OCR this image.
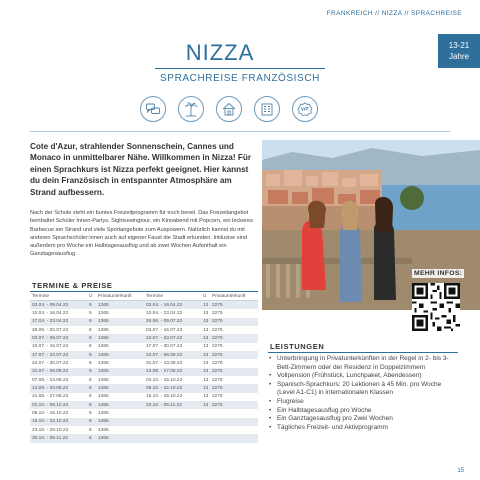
FRANKREICH // NIZZA // SPRACHREISE
13-21
Jahre
NIZZA
SPRACHREISE FRANZÖSISCH
Cote d'Azur, strahlender Sonnenschein, Cannes und Monaco in unmittelbarer Nähe. Willkommen in Nizza! Für einen Sprachkurs ist Nizza perfekt geeignet. Hier kannst du dein Französisch in entspannter Atmosphäre am Strand aufbessern.
Nach der Schule steht ein buntes Freizeitprogramm für euch bereit. Das Freizeitangebot beinhaltet Schüler Innen-Partys, Sightseeingtour, ein Kinoabend mit Popcorn, ein leckeres Barbecue am Strand und viele Sportangebote zum Auspowern. Natürlich kannst du mit anderen Sprachschüler:innen auch auf eigener Faust die Stadt erkunden. Inklusive sind außerdem pro Woche ein Halbtagesausflug und ab zwei Wochen Aufenthalt ein Ganztagesausflug.
MEHR INFOS:
TERMINE & PREISE
Termine	Ü	Privatunterkunft	Termine	Ü	Privatunterkunft
03.04. - 09.04.22	6	1365	03.04. - 16.04.22	13 2275
10.04. - 16.04.22	6	1365	10.04. - 23.04.22	13 2275
17.04. - 23.04.22	6	1365	26.06. - 09.07.22	13 2275
26.06. - 02.07.22	6	1365	03.07. - 16.07.22	13 2275
03.07. - 09.07.22	6	1365	10.07. - 23.07.22	13 2275
10.07. - 16.07.22	6	1365	17.07. - 30.07.22	13 2275
17.07. - 23.07.22	6	1365	24.07. - 06.08.22	13 2275
24.07. - 30.07.22	6	1365	31.07. - 13.08.22	13 2275
31.07. - 06.08.22	6	1365	14.08. - 27.08.22	13 2275
07.08. - 13.08.22	6	1365	02.10. - 15.10.22	13 2275
14.08. - 20.08.22	6	1365	09.10. - 22.10.22	13 2275
21.08. - 27.08.22	6	1365	16.10. - 29.10.22	13 2275
02.10. - 08.10.22	6	1365	23.10. - 05.11.22	13 2275
09.10. - 15.10.22	6	1365
16.10. - 22.10.22	6	1365
23.10. - 29.10.22	6	1365
30.10. - 05.11.22	6	1365
LEISTUNGEN
• Unterbringung in Privatunterkünften in der Regel in 2- bis 3-Bett-Zimmern oder der Residenz in Doppelzimmern
• Vollpension (Frühstück, Lunchpaket, Abendessen)
• Spanisch-Sprachkurs: 20 Lektionen à 45 Min. pro Woche (Level A1-C1) in internationalen Klassen
• Flugreise
• Ein Halbtagesausflug pro Woche
• Ein Ganztagesausflug pro Zwei Wochen
• Tägliches Freizeit- und Aktivprogramm
15
